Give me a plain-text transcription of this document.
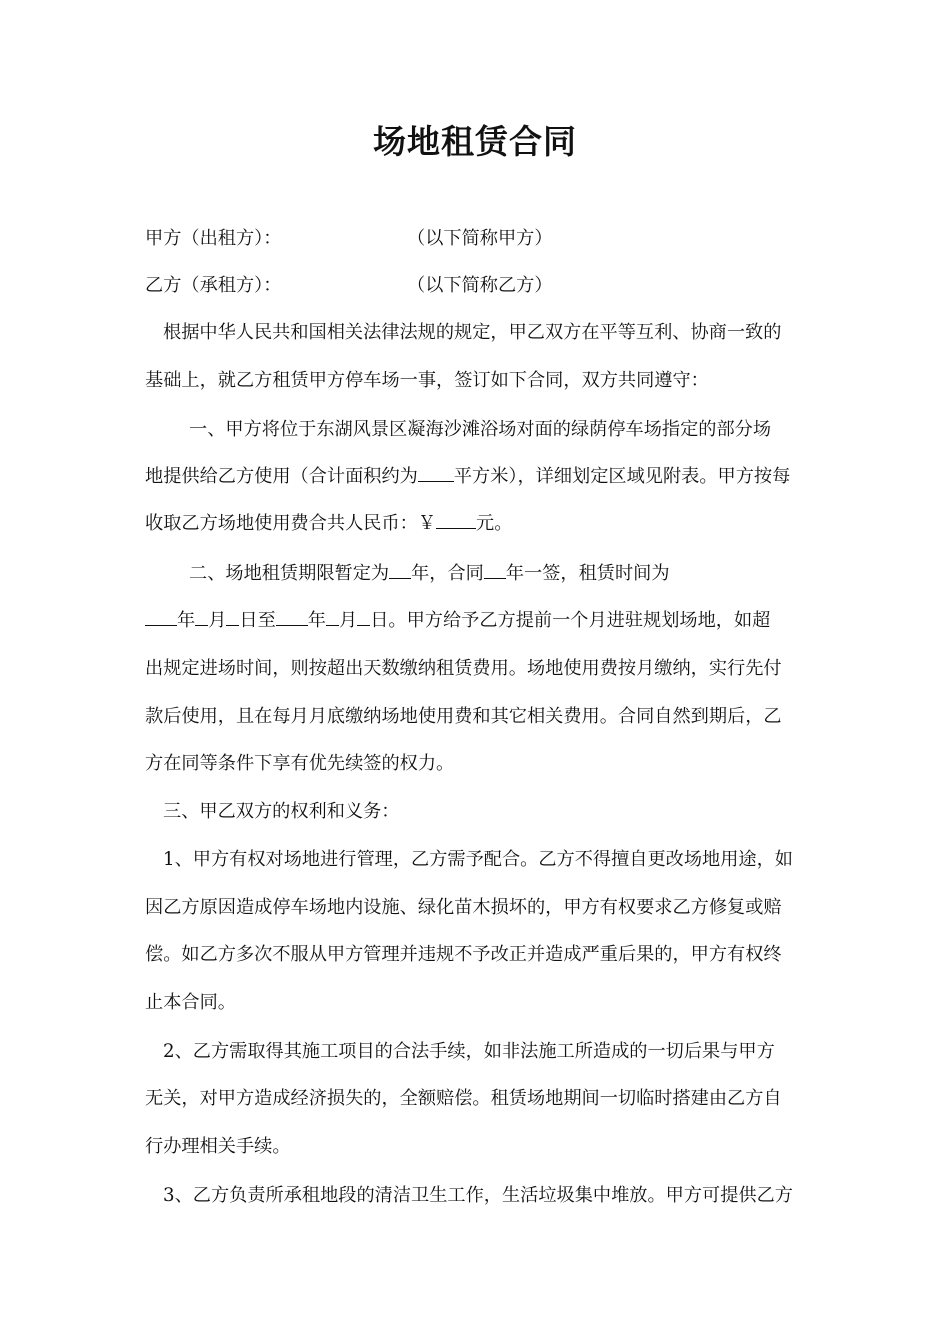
场地租赁合同
甲方（出租方）：	（以下简称甲方）
乙方（承租方）：	（以下简称乙方）
根据中华人民共和国相关法律法规的规定，甲乙双方在平等互利、协商一致的
基础上，就乙方租赁甲方停车场一事，签订如下合同，双方共同遵守：
一、甲方将位于东湖风景区凝海沙滩浴场对面的绿荫停车场指定的部分场
地提供给乙方使用（合计面积约为 平方米），详细划定区域见附表。甲方按每
收取乙方场地使用费合共人民币：￥ 元。
二、场地租赁期限暂定为 年，合同 年一签，租赁时间为
年 月 日至 年 月 日。甲方给予乙方提前一个月进驻规划场地，如超
出规定进场时间，则按超出天数缴纳租赁费用。场地使用费按月缴纳，实行先付
款后使用，且在每月月底缴纳场地使用费和其它相关费用。合同自然到期后，乙
方在同等条件下享有优先续签的权力。
三、甲乙双方的权利和义务：
1、甲方有权对场地进行管理，乙方需予配合。乙方不得擅自更改场地用途，如
因乙方原因造成停车场地内设施、绿化苗木损坏的，甲方有权要求乙方修复或赔
偿。如乙方多次不服从甲方管理并违规不予改正并造成严重后果的，甲方有权终
止本合同。
2、乙方需取得其施工项目的合法手续，如非法施工所造成的一切后果与甲方
无关，对甲方造成经济损失的，全额赔偿。租赁场地期间一切临时搭建由乙方自
行办理相关手续。
3、乙方负责所承租地段的清洁卫生工作，生活垃圾集中堆放。甲方可提供乙方
